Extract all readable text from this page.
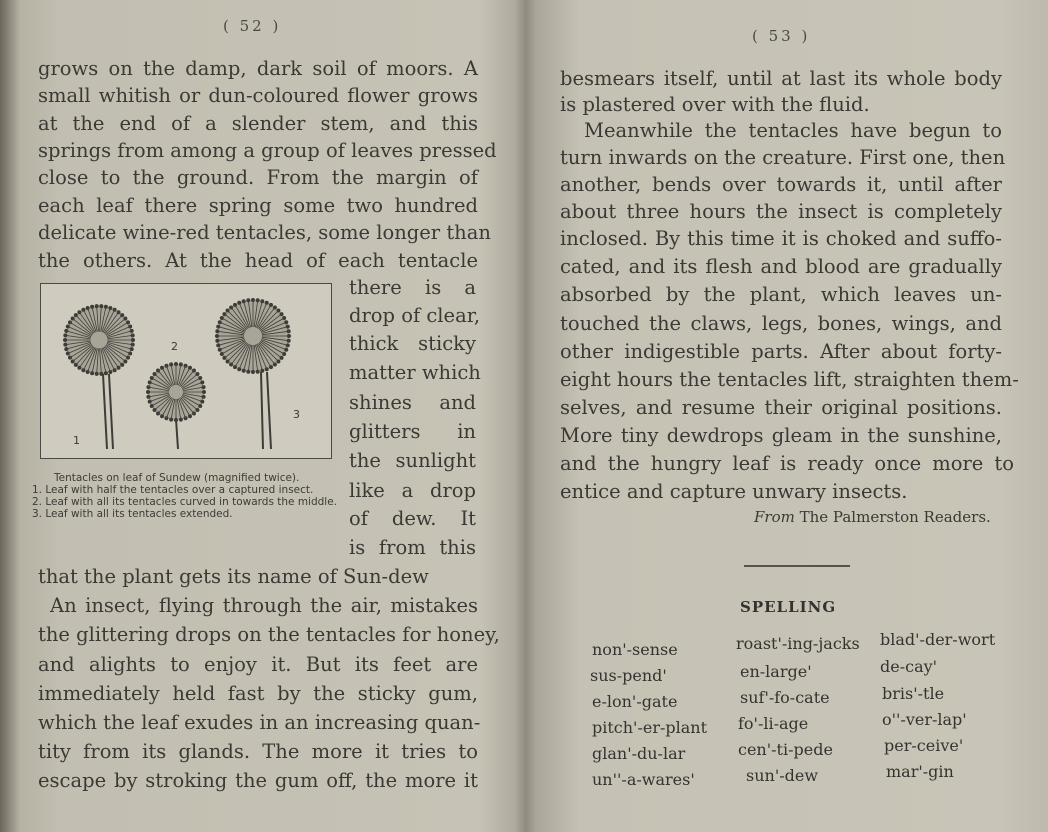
( 52 )
grows on the damp, dark soil of moors. A
small whitish or dun-coloured flower grows
at the end of a slender stem, and this
springs from among a group of leaves pressed
close to the ground. From the margin of
each leaf there spring some two hundred
delicate wine-red tentacles, some longer than
the others. At the head of each tentacle
1
2
3
Tentacles on leaf of Sundew (magnified twice).
1. Leaf with half the tentacles over a captured insect.
2. Leaf with all its tentacles curved in towards the middle.
3. Leaf with all its tentacles extended.
there is a
drop of clear,
thick sticky
matter which
shines and
glitters in
the sunlight
like a drop
of dew. It
is from this
that the plant gets its name of Sun-dew
An insect, flying through the air, mistakes
the glittering drops on the tentacles for honey,
and alights to enjoy it. But its feet are
immediately held fast by the sticky gum,
which the leaf exudes in an increasing quan-
tity from its glands. The more it tries to
escape by stroking the gum off, the more it
( 53 )
besmears itself, until at last its whole body
is plastered over with the fluid.
Meanwhile the tentacles have begun to
turn inwards on the creature. First one, then
another, bends over towards it, until after
about three hours the insect is completely
inclosed. By this time it is choked and suffo-
cated, and its flesh and blood are gradually
absorbed by the plant, which leaves un-
touched the claws, legs, bones, wings, and
other indigestible parts. After about forty-
eight hours the tentacles lift, straighten them-
selves, and resume their original positions.
More tiny dewdrops gleam in the sunshine,
and the hungry leaf is ready once more to
entice and capture unwary insects.
From The Palmerston Readers.
SPELLING
non'-sense
sus-pend'
e-lon'-gate
pitch'-er-plant
glan'-du-lar
un''-a-wares'
roast'-ing-jacks
en-large'
suf'-fo-cate
fo'-li-age
cen'-ti-pede
sun'-dew
blad'-der-wort
de-cay'
bris'-tle
o''-ver-lap'
per-ceive'
mar'-gin
